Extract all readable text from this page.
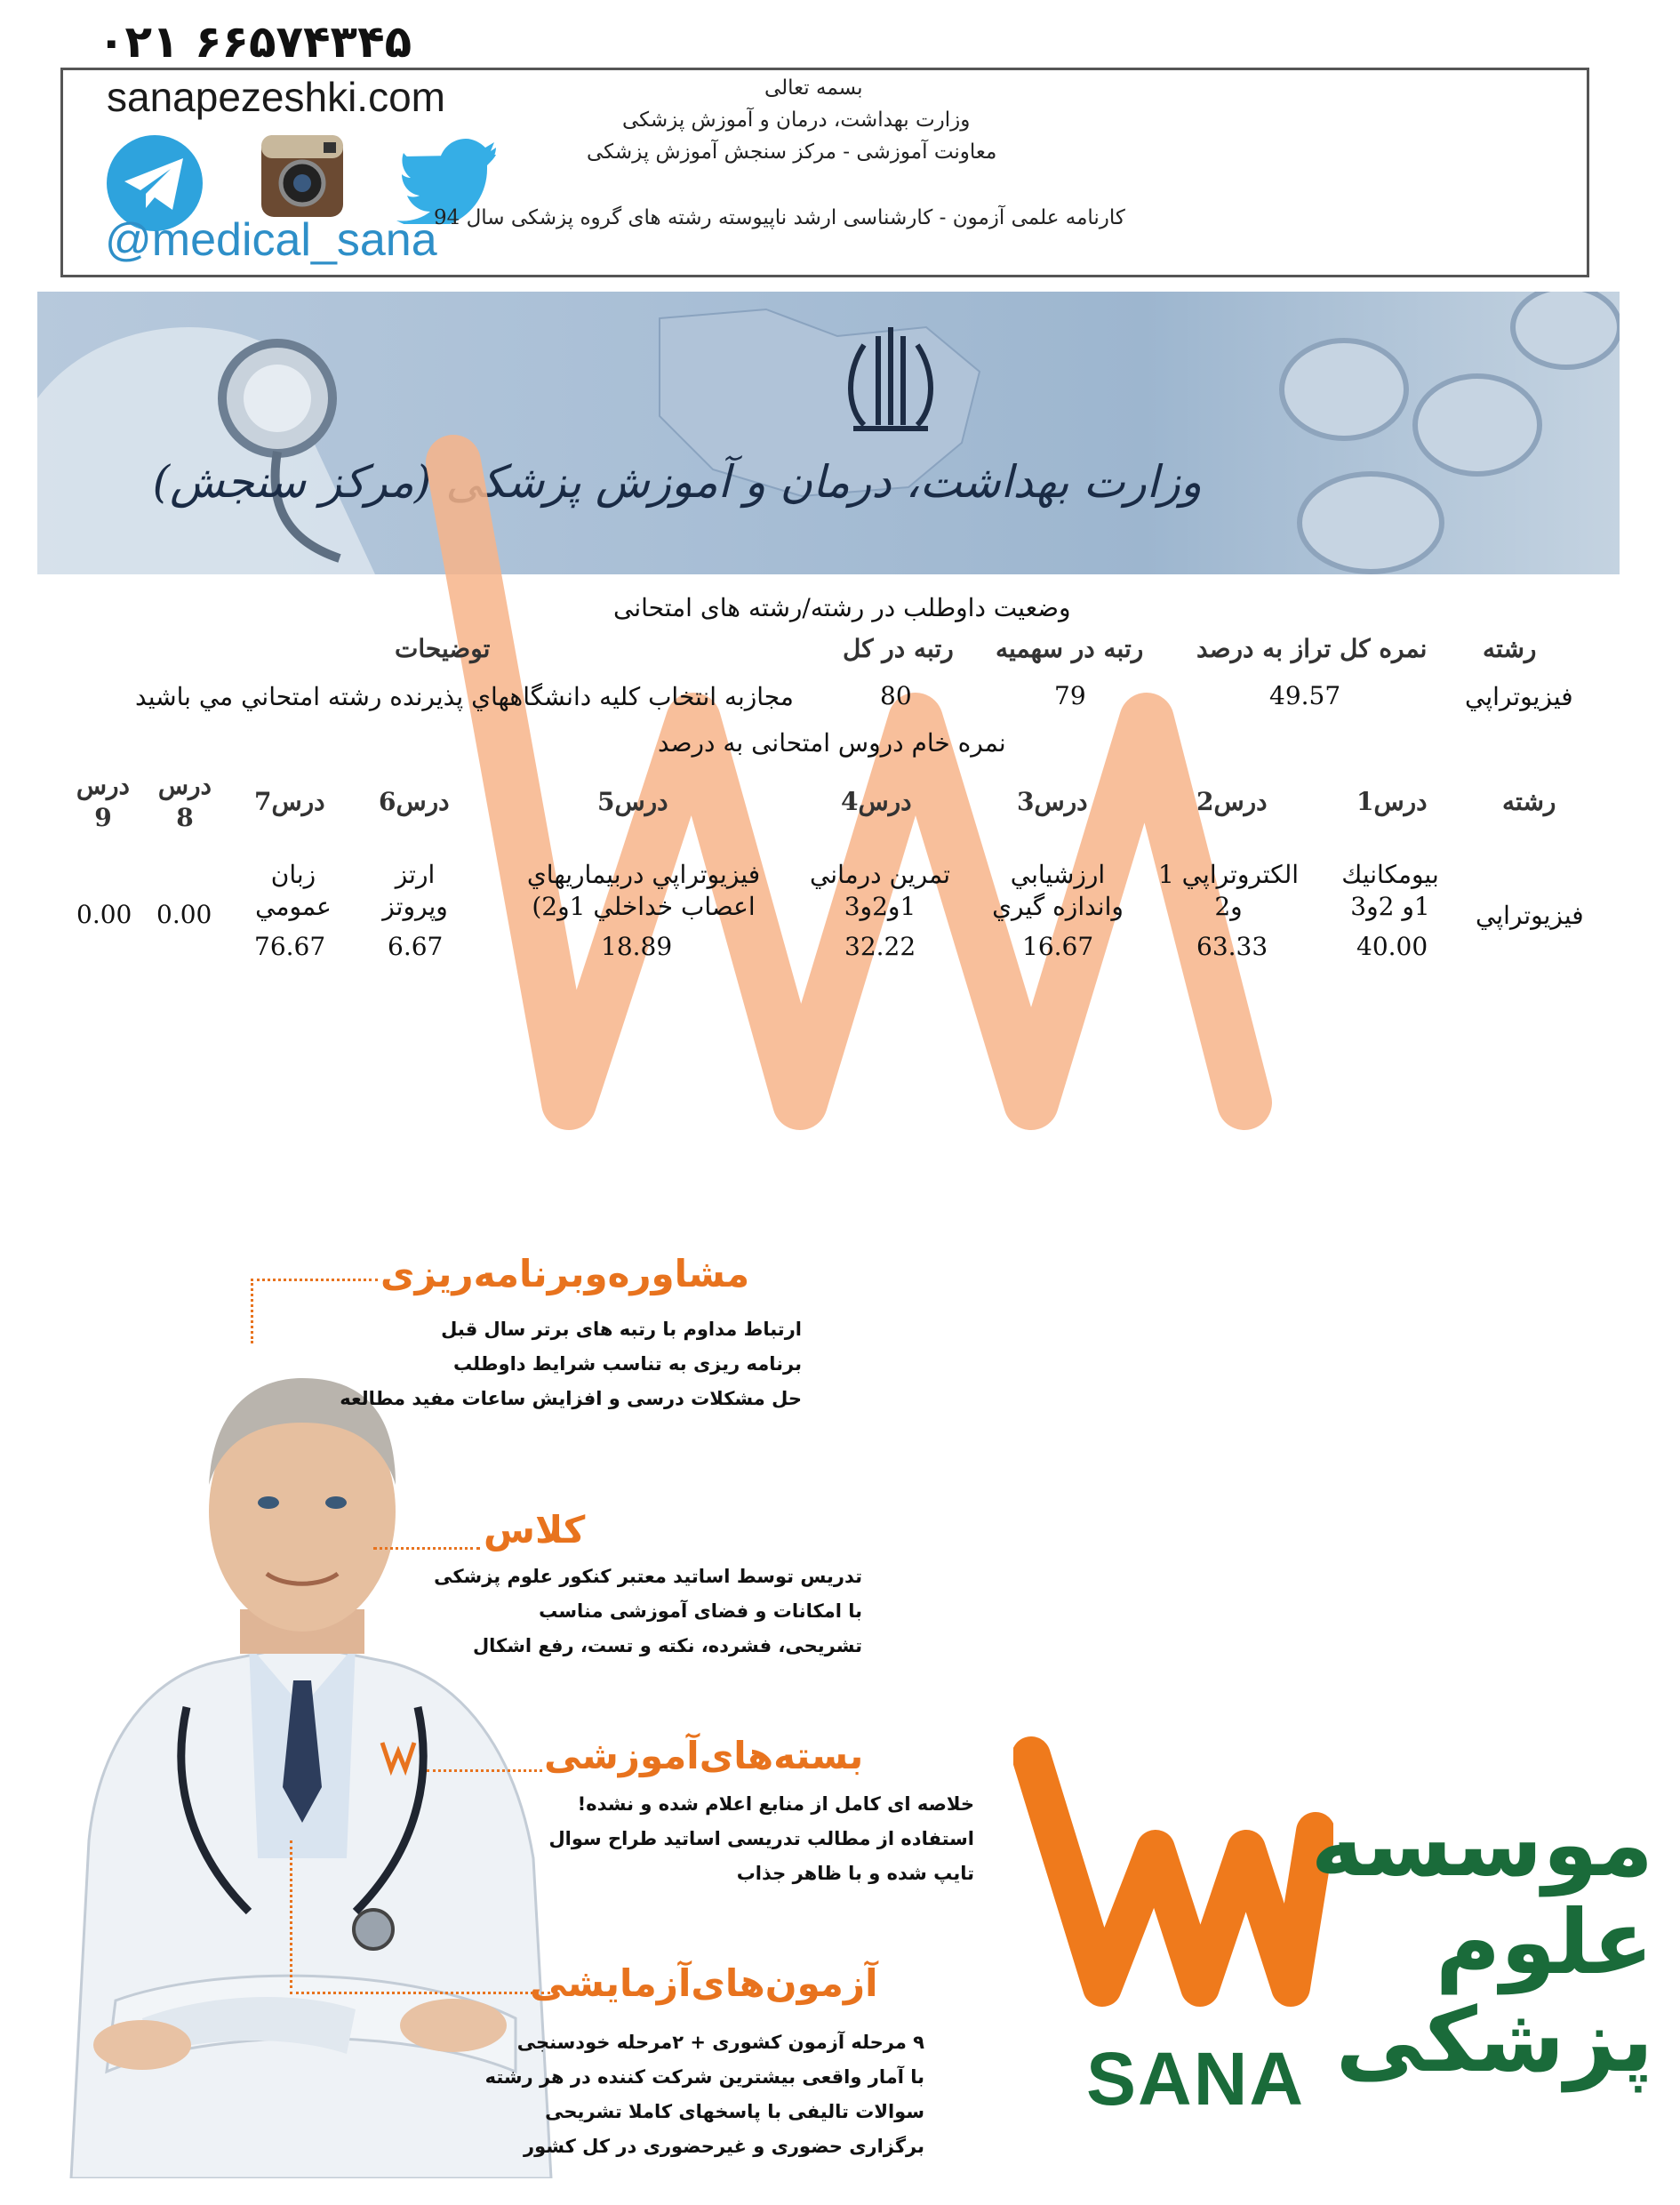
۰۲۱ ۶۶۵۷۴۳۴۵
sanapezeshki.com
@medical_sana
بسمه تعالی
وزارت بهداشت، درمان و آموزش پزشکی
معاونت آموزشی - مرکز سنجش آموزش پزشکی
کارنامه علمی آزمون - کارشناسی ارشد ناپیوسته رشته های گروه پزشکی سال 94
وزارت بهداشت، درمان و آموزش پزشکی (مرکز سنجش)
وضعیت داوطلب در رشته/رشته های امتحانی
رشته
نمره کل تراز به درصد
رتبه در سهمیه
رتبه در کل
توضیحات
فيزيوتراپي
49.57
79
80
مجازبه انتخاب كليه دانشگاههاي پذيرنده رشته امتحاني مي باشيد
نمره خام دروس امتحانی به درصد
رشته
درس1
درس2
درس3
درس4
درس5
درس6
درس7
درس 8
درس 9
فيزيوتراپي
بيومكانيك 1و 2و3
الكتروتراپي 1 و2
ارزشيابي واندازه گيري
تمرين درماني 1و2و3
فيزيوتراپي دربيماريهاي اعصاب خداخلي 1و2)
ارتز وپروتز
زبان عمومي
40.00
63.33
16.67
32.22
18.89
6.67
76.67
0.00
0.00
مشاوره‌وبرنامه‌ریزی
ارتباط مداوم با رتبه های برتر سال قبل
برنامه ریزی به تناسب شرایط داوطلب
حل مشکلات درسی و افزایش ساعات مفید مطالعه
کلاس
تدریس توسط اساتید معتبر کنکور علوم پزشکی
با امکانات و فضای آموزشی مناسب
تشریحی، فشرده، نکته و تست، رفع اشکال
بسته‌های‌آموزشی
خلاصه ای کامل از منابع اعلام شده و نشده!
استفاده از مطالب تدریسی اساتید طراح سوال
تایپ شده و با ظاهر جذاب
آزمون‌های‌آزمایشی
۹ مرحله آزمون کشوری + ۲مرحله خودسنجی
با آمار واقعی بیشترین شرکت کننده در هر رشته
سوالات تالیفی با پاسخهای کاملا تشریحی
برگزاری حضوری و غیرحضوری در کل کشور
موسسه
علوم
پزشکی
SANA
